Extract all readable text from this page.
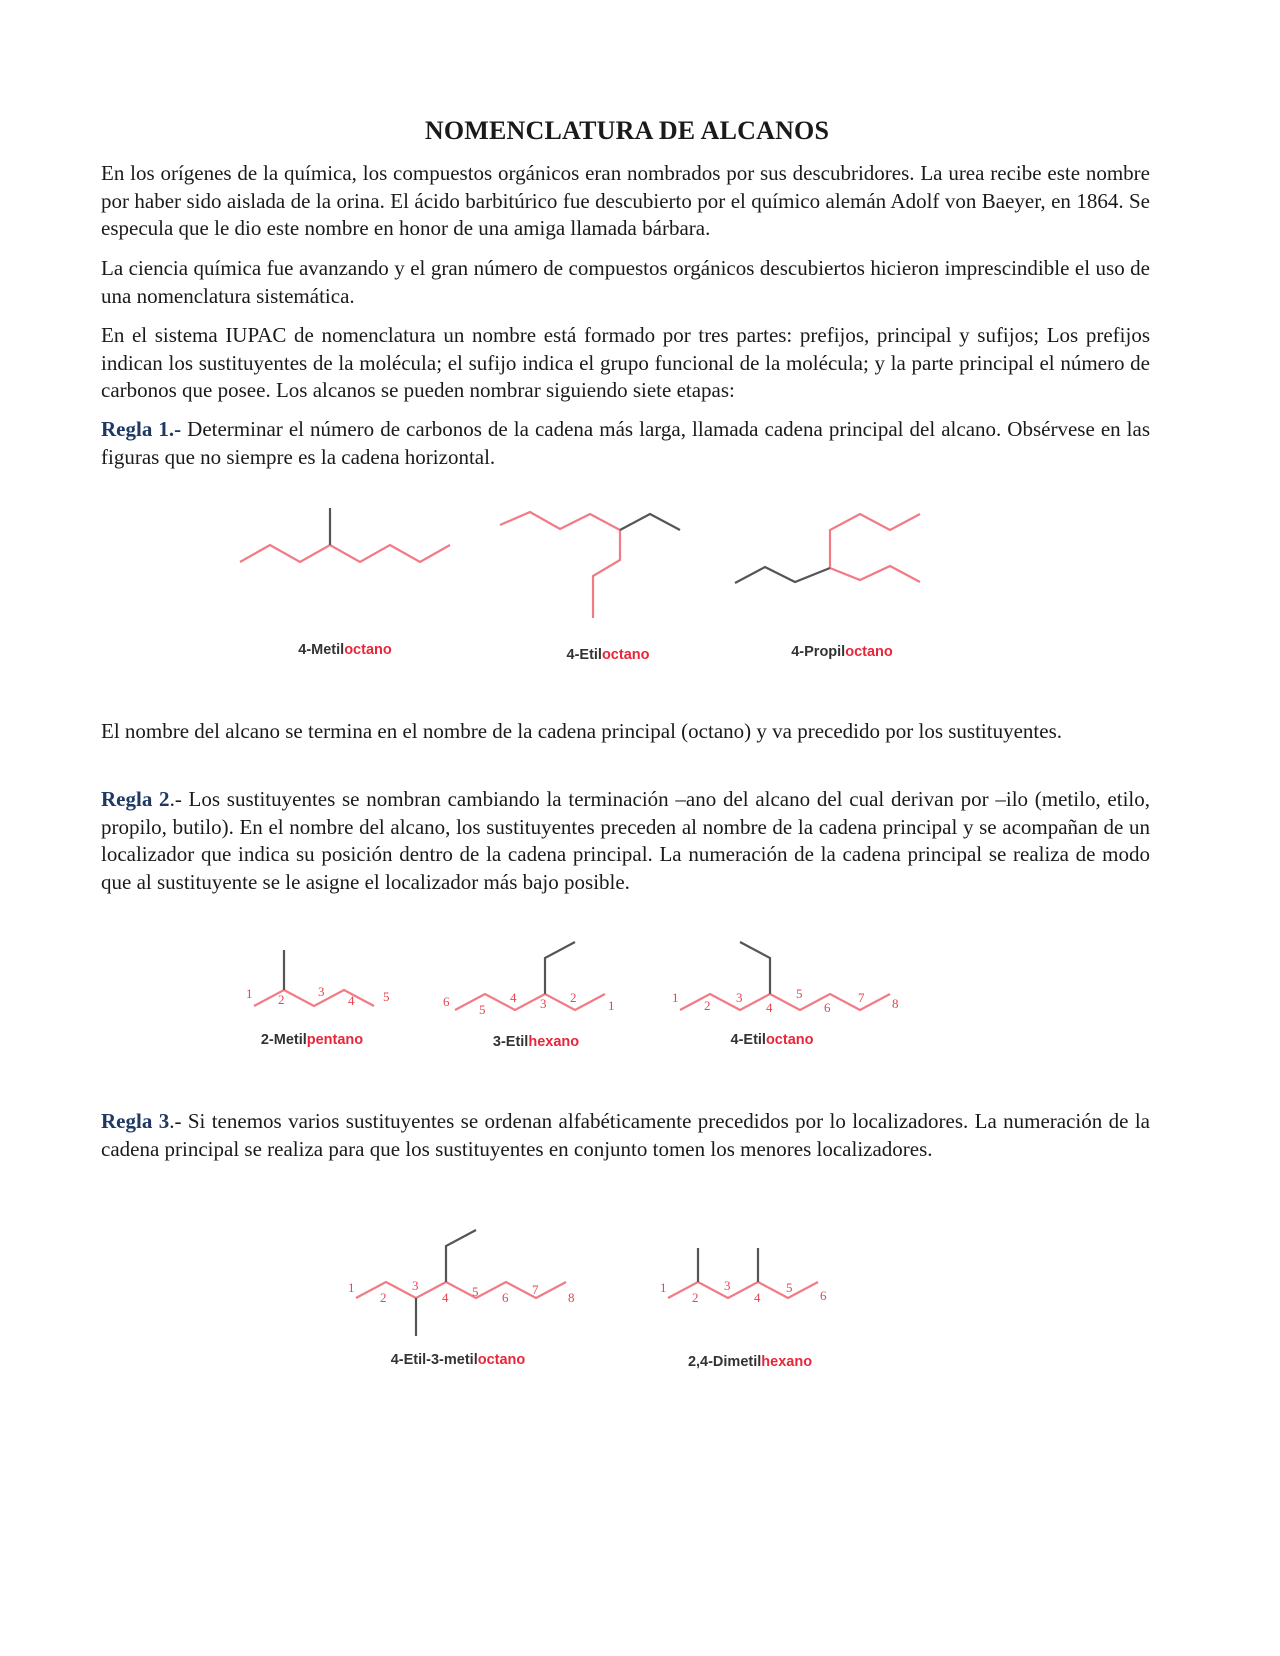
NOMENCLATURA DE ALCANOS

En los orígenes de la química, los compuestos orgánicos eran nombrados por sus descubridores. La urea recibe este nombre por haber sido aislada de la orina. El ácido barbitúrico fue descubierto por el químico alemán Adolf von Baeyer, en 1864. Se especula que le dio este nombre en honor de una amiga llamada bárbara.

La ciencia química fue avanzando y el gran número de compuestos orgánicos descubiertos hicieron imprescindible el uso de una nomenclatura sistemática.

En el sistema IUPAC de nomenclatura un nombre está formado por tres partes: prefijos, principal y sufijos; Los prefijos indican los sustituyentes de la molécula; el sufijo indica el grupo funcional de la molécula; y la parte principal el número de carbonos que posee. Los alcanos se pueden nombrar siguiendo siete etapas:

Regla 1.- Determinar el número de carbonos de la cadena más larga, llamada cadena principal del alcano. Obsérvese en las figuras que no siempre es la cadena horizontal.

4-Metiloctano	4-Etiloctano	4-Propiloctano

El nombre del alcano se termina en el nombre de la cadena principal (octano) y va precedido por los sustituyentes.

Regla 2.- Los sustituyentes se nombran cambiando la terminación –ano del alcano del cual derivan por –ilo (metilo, etilo, propilo, butilo). En el nombre del alcano, los sustituyentes preceden al nombre de la cadena principal y se acompañan de un localizador que indica su posición dentro de la cadena principal. La numeración de la cadena principal se realiza de modo que al sustituyente se le asigne el localizador más bajo posible.

1 2
3
4 5
2-Metilpentano
6
5
4 3 2
1
3-Etilhexano
1
2
3
4
5
6
7 8
4-Etiloctano

Regla 3.- Si tenemos varios sustituyentes se ordenan alfabéticamente precedidos por lo localizadores. La numeración de la cadena principal se realiza para que los sustituyentes en conjunto tomen los menores localizadores.

1
2
3
4 5 6
7
8
4-Etil-3-metiloctano
1
2
3
4
5
6
2,4-Dimetilhexano
